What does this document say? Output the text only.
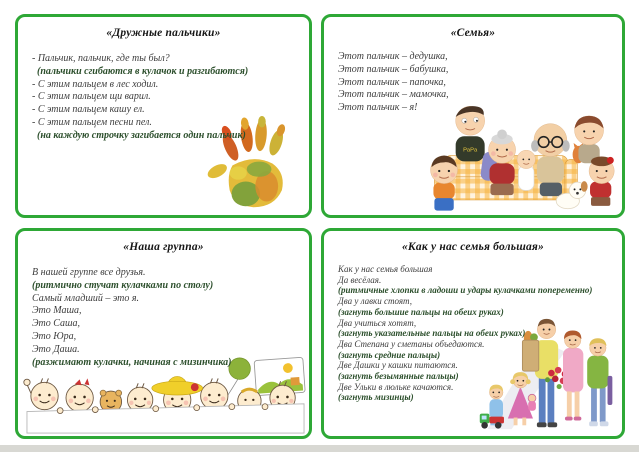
«Дружные пальчики»

- Пальчик, пальчик, где ты был?

(пальчики сгибаются в кулачок и разгибаются)

- С этим пальцем в лес ходил.

- С этим пальцем щи варил.

- С этим пальцем кашу ел.

- С этим пальцем песни пел.

(на каждую строчку загибается один пальчик)

«Семья»

Этот пальчик – дедушка,

Этот пальчик – бабушка,

Этот пальчик – папочка,

Этот пальчик – мамочка,

Этот пальчик – я!

PaPa
«Наша группа»

В нашей группе все друзья.

(ритмично стучат кулачками по столу)

Самый младший – это я.

Это Маша,

Это Саша,

Это Юра,

Это Даша.

(разжимают кулачки, начиная с мизинчика)

«Как у нас семья большая»

Как у нас семья большая

Да весёлая.

(ритмичные хлопки в ладоши и удары кулачками попеременно)

Два у лавки стоят,

(загнуть большие пальцы на обеих руках)

Два учиться хотят,

(загнуть указательные пальцы на обеих руках)

Два Степана у сметаны объедаются.

(загнуть средние пальцы)

Две Дашки у кашки питаются.

(загнуть безымянные пальцы)

Две Ульки в люльке качаются.

(загнуть мизинцы)
